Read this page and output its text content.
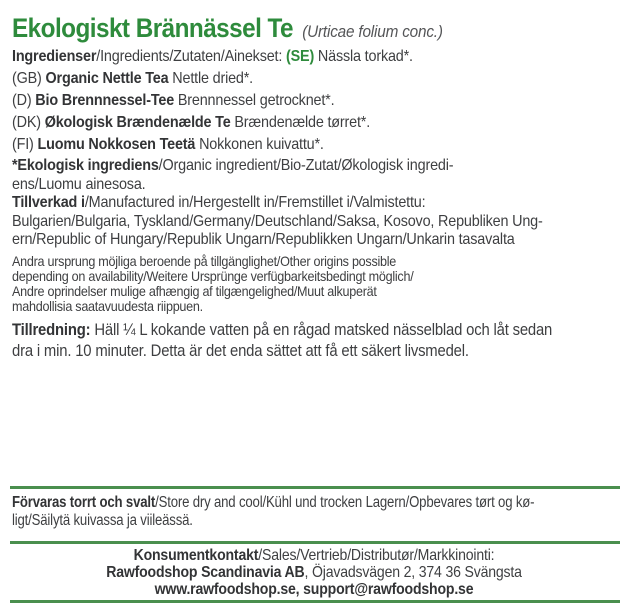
Ekologiskt Brännässel Te (Urticae folium conc.)
Ingredienser/Ingredients/Zutaten/Ainekset: (SE) Nässla torkad*.
(GB) Organic Nettle Tea Nettle dried*.
(D) Bio Brennnessel-Tee Brennnessel getrocknet*.
(DK) Økologisk Brændenælde Te Brændenælde tørret*.
(FI) Luomu Nokkosen Teetä Nokkonen kuivattu*.
*Ekologisk ingrediens/Organic ingredient/Bio-Zutat/Økologisk ingredi-
ens/Luomu ainesosa.
Tillverkad i/Manufactured in/Hergestellt in/Fremstillet i/Valmistettu:
Bulgarien/Bulgaria, Tyskland/Germany/Deutschland/Saksa, Kosovo, Republiken Ung-
ern/Republic of Hungary/Republik Ungarn/Republikken Ungarn/Unkarin tasavalta
Andra ursprung möjliga beroende på tillgänglighet/Other origins possible
depending on availability/Weitere Ursprünge verfügbarkeitsbedingt möglich/
Andre oprindelser mulige afhængig af tilgængelighed/Muut alkuperät
mahdollisia saatavuudesta riippuen.
Tillredning: Häll ¼ L kokande vatten på en rågad matsked nässelblad och låt sedan
dra i min. 10 minuter. Detta är det enda sättet att få ett säkert livsmedel.
Förvaras torrt och svalt/Store dry and cool/Kühl und trocken Lagern/Opbevares tørt og kø-
ligt/Säilytä kuivassa ja viileässä.
Konsumentkontakt/Sales/Vertrieb/Distributør/Markkinointi:
Rawfoodshop Scandinavia AB, Öjavadsvägen 2, 374 36 Svängsta
www.rawfoodshop.se, support@rawfoodshop.se
